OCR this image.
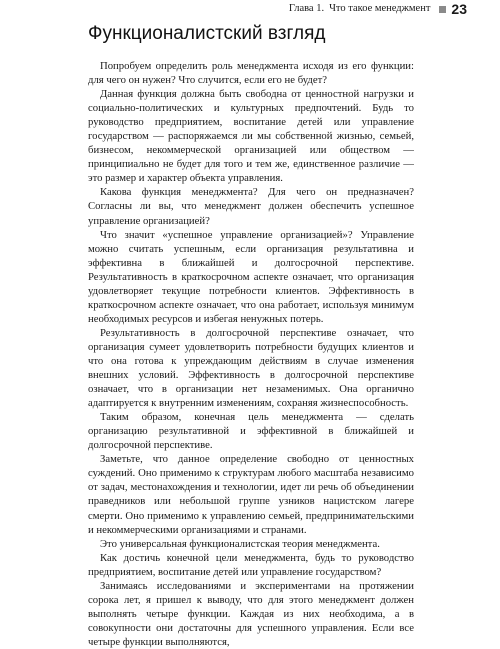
Глава 1. Что такое менеджмент 23
Функционалистский взгляд

Попробуем определить роль менеджмента исходя из его функции: для чего он нужен? Что случится, если его не будет?

Данная функция должна быть свободна от ценностной нагрузки и социально-политических и культурных предпочтений. Будь то руководство предприятием, воспитание детей или управление государством — распоряжаемся ли мы собственной жизнью, семьей, бизнесом, некоммерческой организацией или обществом — принципиально не будет для того и тем же, единственное различие — это размер и характер объекта управления.

Какова функция менеджмента? Для чего он предназначен? Согласны ли вы, что менеджмент должен обеспечить успешное управление организацией?

Что значит «успешное управление организацией»? Управление можно считать успешным, если организация результативна и эффективна в ближайшей и долгосрочной перспективе. Результативность в краткосрочном аспекте означает, что организация удовлетворяет текущие потребности клиентов. Эффективность в краткосрочном аспекте означает, что она работает, используя минимум необходимых ресурсов и избегая ненужных потерь.

Результативность в долгосрочной перспективе означает, что организация сумеет удовлетворить потребности будущих клиентов и что она готова к упреждающим действиям в случае изменения внешних условий. Эффективность в долгосрочной перспективе означает, что в организации нет незаменимых. Она органично адаптируется к внутренним изменениям, сохраняя жизнеспособность.

Таким образом, конечная цель менеджмента — сделать организацию результативной и эффективной в ближайшей и долгосрочной перспективе.

Заметьте, что данное определение свободно от ценностных суждений. Оно применимо к структурам любого масштаба независимо от задач, местонахождения и технологии, идет ли речь об объединении праведников или небольшой группе узников нацистском лагере смерти. Оно применимо к управлению семьей, предпринимательскими и некоммерческими организациями и странами.

Это универсальная функционалистская теория менеджмента.

Как достичь конечной цели менеджмента, будь то руководство предприятием, воспитание детей или управление государством?

Занимаясь исследованиями и экспериментами на протяжении сорока лет, я пришел к выводу, что для этого менеджмент должен выполнять четыре функции. Каждая из них необходима, а в совокупности они достаточны для успешного управления. Если все четыре функции выполняются,
